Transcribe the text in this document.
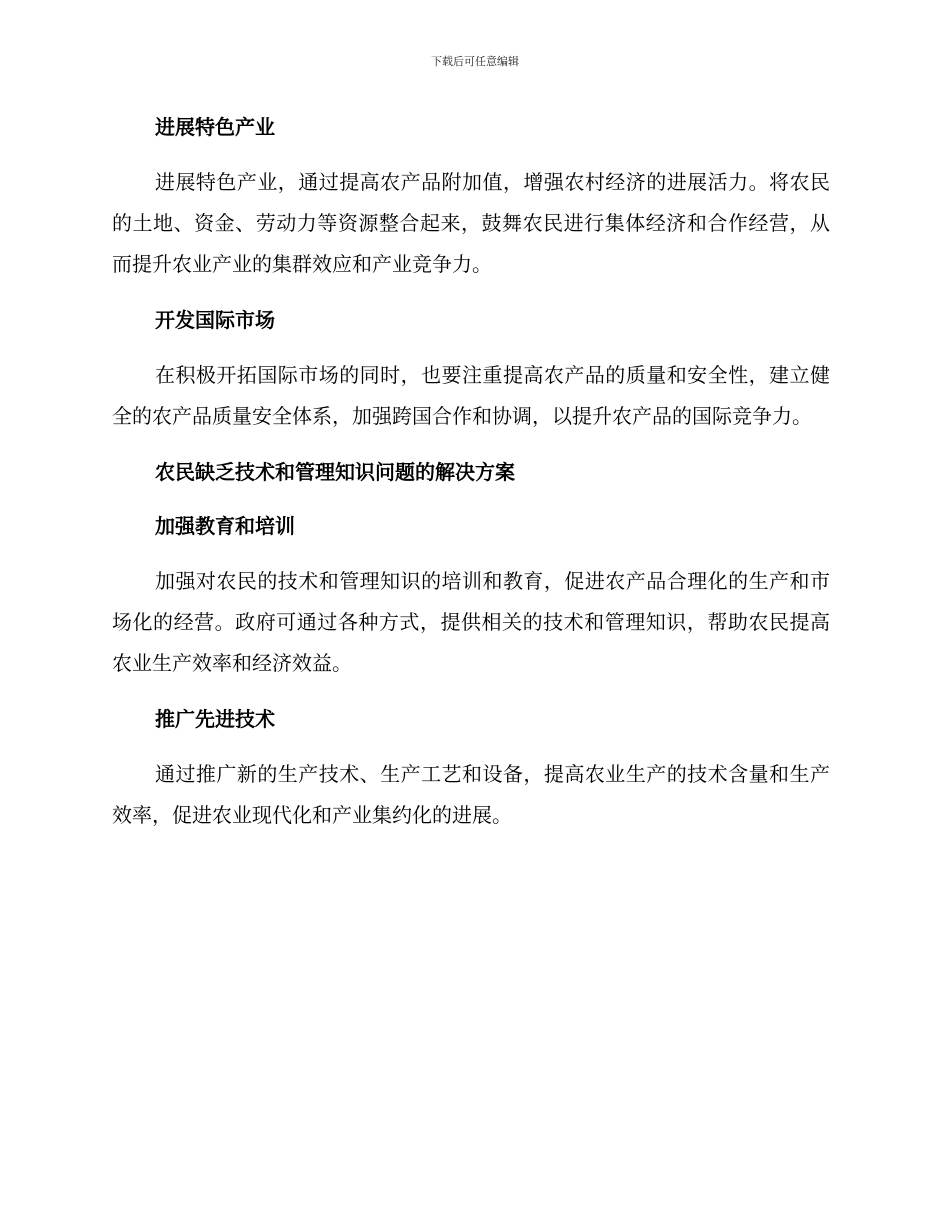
下载后可任意编辑
进展特色产业

进展特色产业，通过提高农产品附加值，增强农村经济的进展活力。将农民的土地、资金、劳动力等资源整合起来，鼓舞农民进行集体经济和合作经营，从而提升农业产业的集群效应和产业竞争力。

开发国际市场

在积极开拓国际市场的同时，也要注重提高农产品的质量和安全性，建立健全的农产品质量安全体系，加强跨国合作和协调，以提升农产品的国际竞争力。

农民缺乏技术和管理知识问题的解决方案
加强教育和培训

加强对农民的技术和管理知识的培训和教育，促进农产品合理化的生产和市场化的经营。政府可通过各种方式，提供相关的技术和管理知识，帮助农民提高农业生产效率和经济效益。

推广先进技术

通过推广新的生产技术、生产工艺和设备，提高农业生产的技术含量和生产效率，促进农业现代化和产业集约化的进展。
